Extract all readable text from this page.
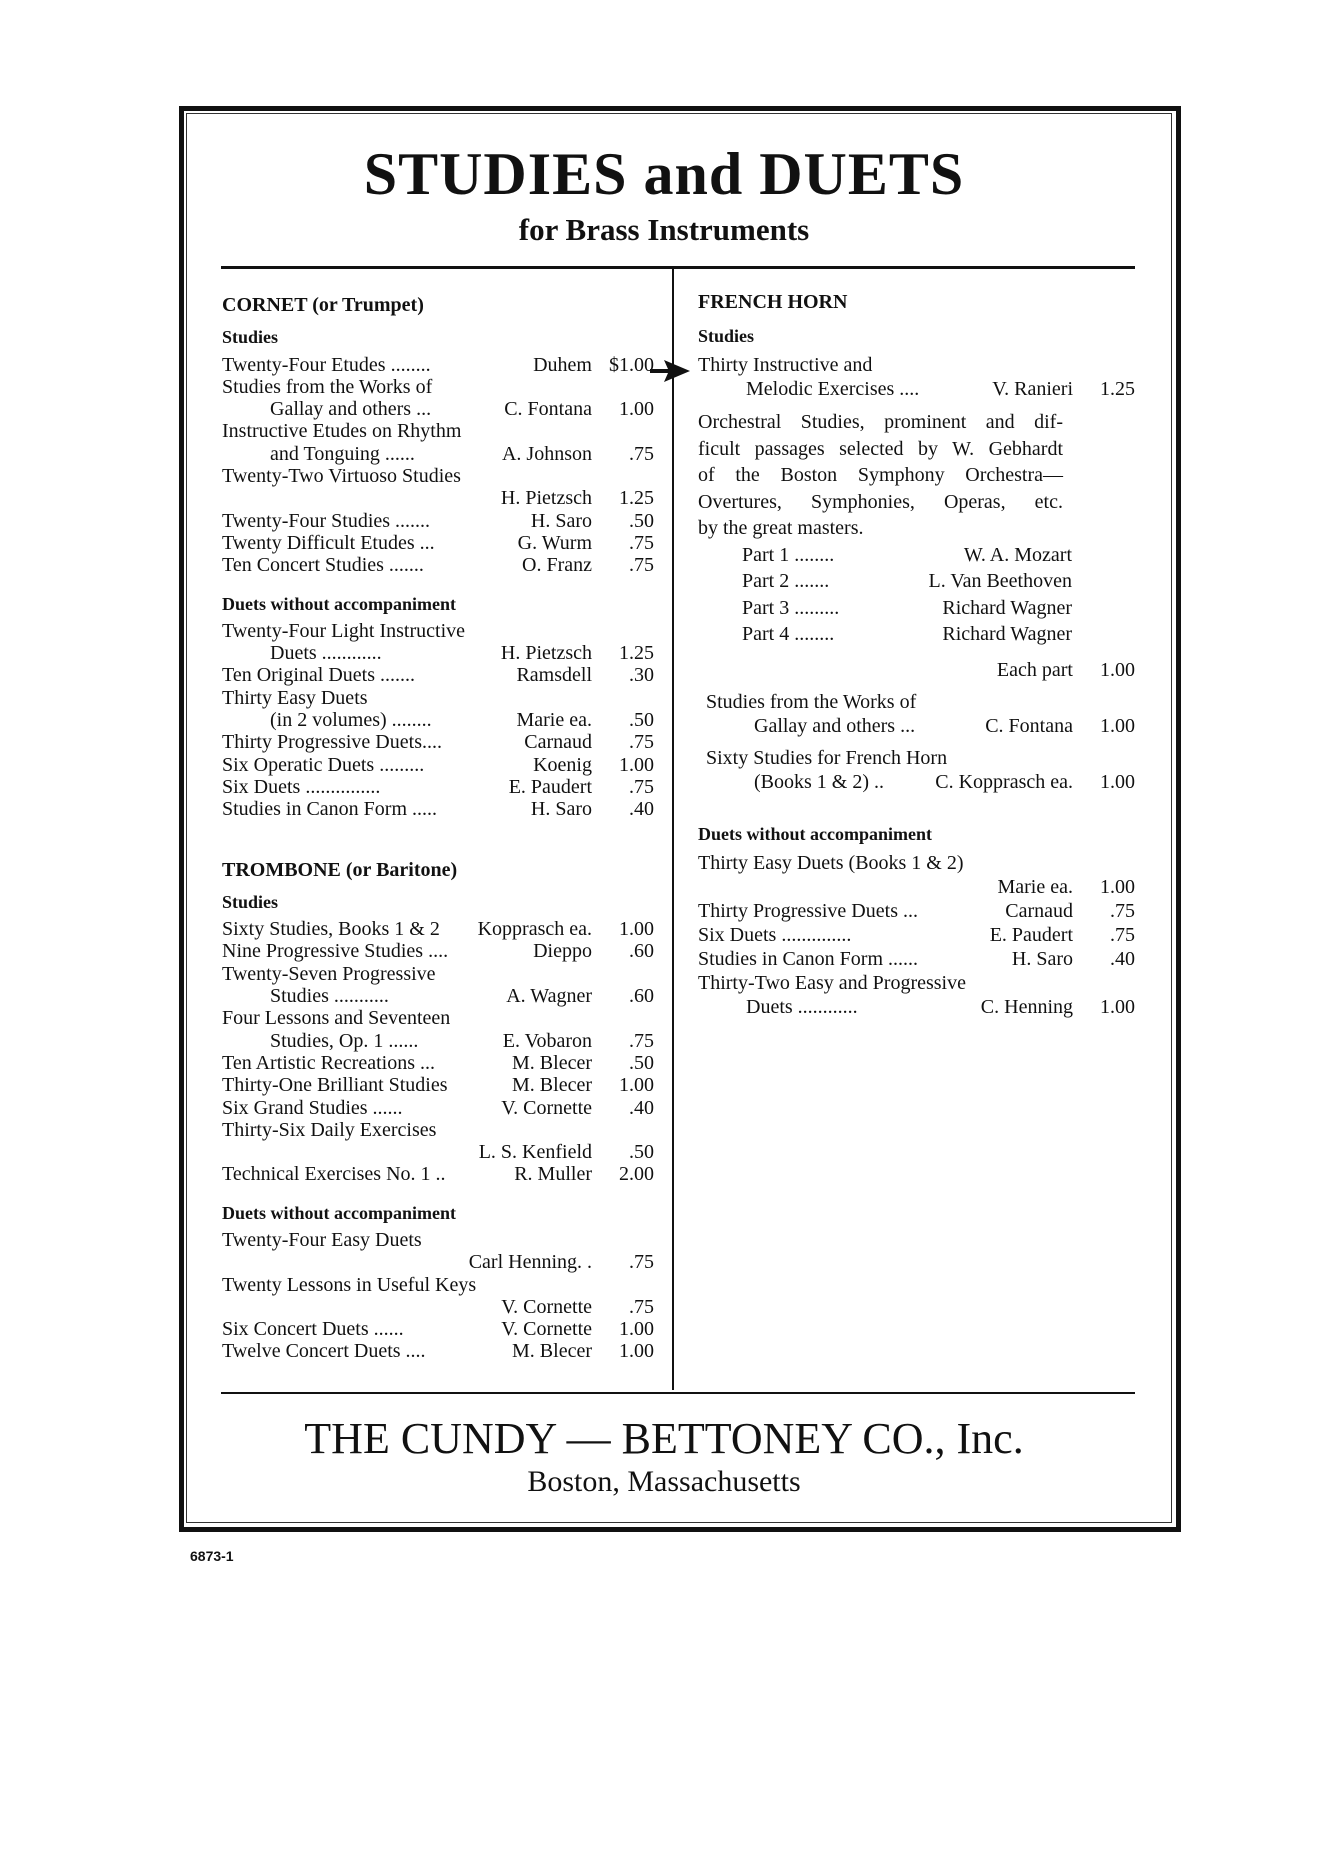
STUDIES and DUETS
for Brass Instruments
CORNET (or Trumpet)
Studies
Twenty-Four Etudes ........	Duhem $1.00
Studies from the Works of
Gallay and others ...	C. Fontana	1.00
Instructive Etudes on Rhythm
and Tonguing ......	A. Johnson	.75
Twenty-Two Virtuoso Studies
H. Pietzsch	1.25
Twenty-Four Studies .......	H. Saro	.50
Twenty Difficult Etudes ...	G. Wurm	.75
Ten Concert Studies .......	O. Franz	.75
Duets without accompaniment
Twenty-Four Light Instructive
Duets ............	H. Pietzsch	1.25
Ten Original Duets .......	Ramsdell	.30
Thirty Easy Duets
(in 2 volumes) ........	Marie ea.	.50
Thirty Progressive Duets....	Carnaud	.75
Six Operatic Duets .........	Koenig	1.00
Six Duets ...............	E. Paudert	.75
Studies in Canon Form .....	H. Saro	.40
TROMBONE (or Baritone)
Studies
Sixty Studies, Books 1 & 2	Kopprasch ea.	1.00
Nine Progressive Studies ....	Dieppo	.60
Twenty-Seven Progressive
Studies ...........	A. Wagner	.60
Four Lessons and Seventeen
Studies, Op. 1 ......	E. Vobaron	.75
Ten Artistic Recreations ...	M. Blecer	.50
Thirty-One Brilliant Studies	M. Blecer	1.00
Six Grand Studies ......	V. Cornette	.40
Thirty-Six Daily Exercises
L. S. Kenfield	.50
Technical Exercises No. 1 ..	R. Muller	2.00
Duets without accompaniment
Twenty-Four Easy Duets
Carl Henning. .	.75
Twenty Lessons in Useful Keys
V. Cornette	.75
Six Concert Duets ......	V. Cornette	1.00
Twelve Concert Duets ....	M. Blecer	1.00
FRENCH HORN
Studies
Thirty Instructive and
Melodic Exercises ....	V. Ranieri	1.25
Orchestral Studies, prominent and dif-
ficult passages selected by W. Gebhardt
of the Boston Symphony Orchestra—
Overtures, Symphonies, Operas, etc.
by the great masters.
Part 1 ........	W. A. Mozart
Part 2 .......	L. Van Beethoven
Part 3 .........	Richard Wagner
Part 4 ........	Richard Wagner
Each part	1.00
Studies from the Works of
Gallay and others ...	C. Fontana	1.00
Sixty Studies for French Horn
(Books 1 & 2) ..	C. Kopprasch ea.	1.00
Duets without accompaniment
Thirty Easy Duets (Books 1 & 2)
Marie ea.	1.00
Thirty Progressive Duets ...	Carnaud	.75
Six Duets ..............	E. Paudert	.75
Studies in Canon Form ......	H. Saro	.40
Thirty-Two Easy and Progressive
Duets ............	C. Henning	1.00
THE CUNDY — BETTONEY CO., Inc.
Boston, Massachusetts
6873-1
